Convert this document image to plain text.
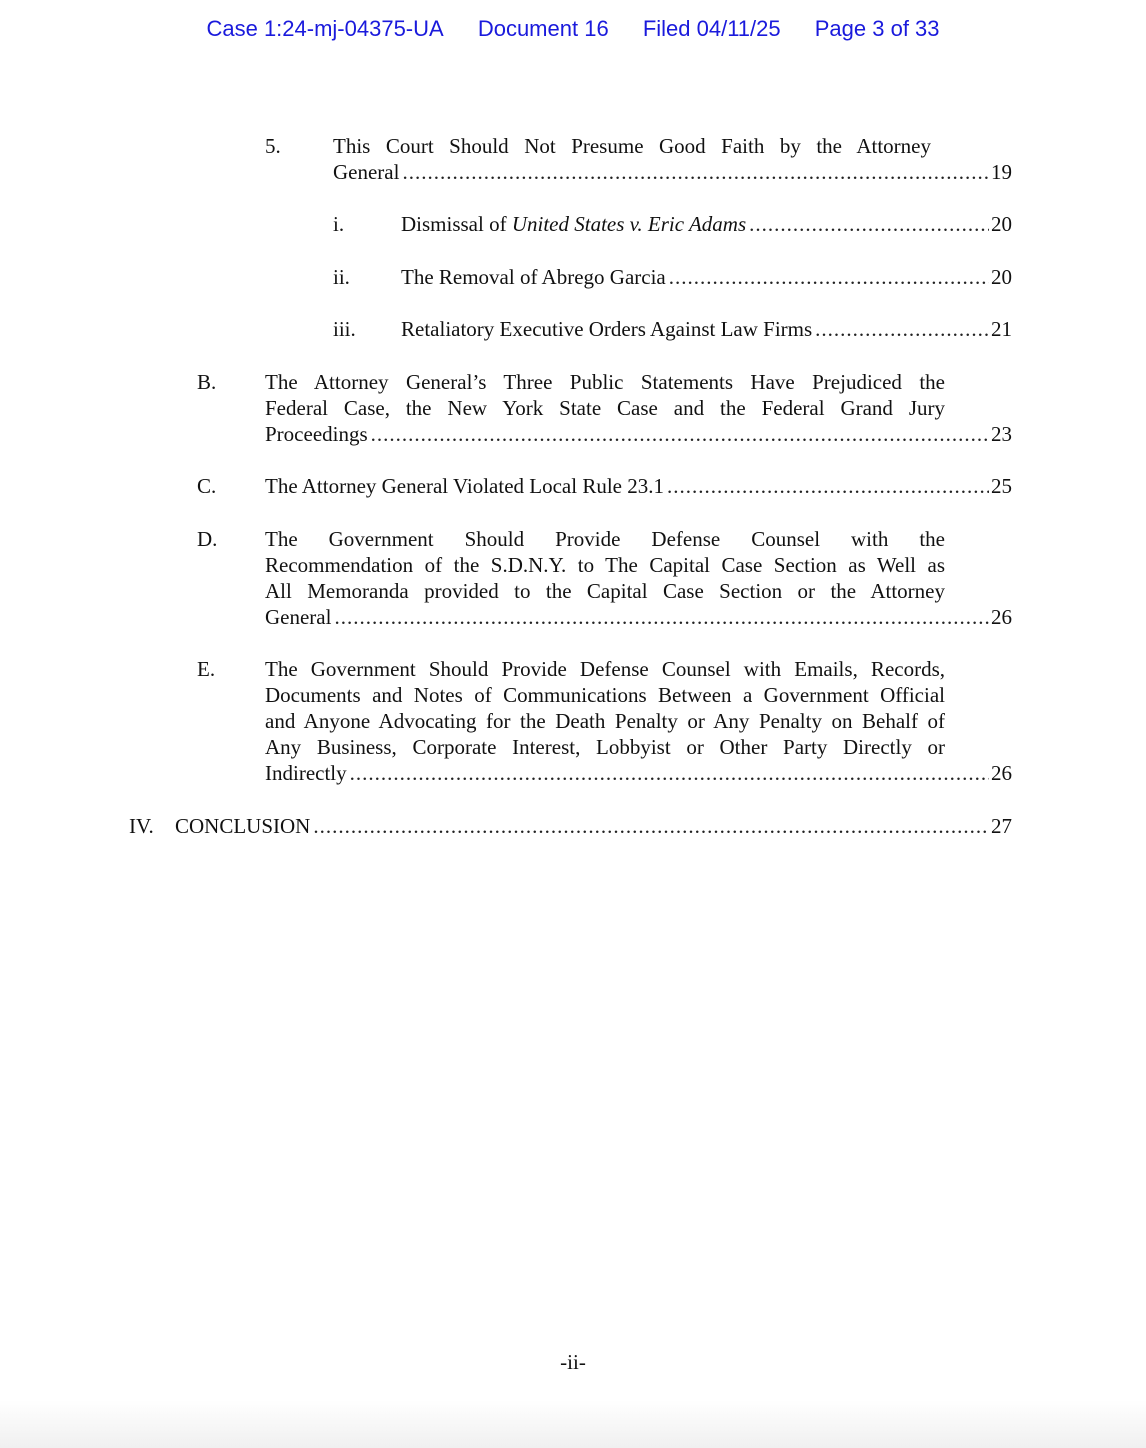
Case 1:24-mj-04375-UA Document 16 Filed 04/11/25 Page 3 of 33
5. This Court Should Not Presume Good Faith by the Attorney
General .....	19
i.	Dismissal of United States v. Eric Adams .....	20
ii. The Removal of Abrego Garcia .....	20
iii. Retaliatory Executive Orders Against Law Firms .....	21
B. The Attorney General’s Three Public Statements Have Prejudiced the
Federal Case, the New York State Case and the Federal Grand Jury
Proceedings .....	23
C. The Attorney General Violated Local Rule 23.1 .....	25
D. The Government Should Provide Defense Counsel with the
Recommendation of the S.D.N.Y. to The Capital Case Section as Well as
All Memoranda provided to the Capital Case Section or the Attorney
General .....	26
E. The Government Should Provide Defense Counsel with Emails, Records,
Documents and Notes of Communications Between a Government Official
and Anyone Advocating for the Death Penalty or Any Penalty on Behalf of
Any Business, Corporate Interest, Lobbyist or Other Party Directly or
Indirectly .....	26
IV. CONCLUSION .....	27
-ii-
